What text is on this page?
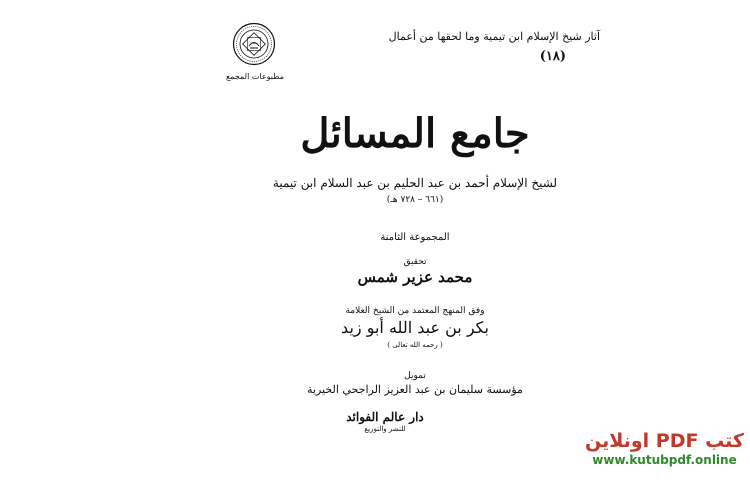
مطبوعات المجمع
آثار شيخ الإسلام ابن تيمية وما لحقها من أعمال
(١٨)
جامع المسائل
لشيخ الإسلام أحمد بن عبد الحليم بن عبد السلام ابن تيمية
(٦٦١ – ٧٢٨ هـ)
المجموعة الثامنة
تحقيق
محمد عزير شمس
وفق المنهج المعتمد من الشيخ العلامة
بكر بن عبد الله أبو زيد
( رحمه الله تعالى )
تمويل
مؤسسة سليمان بن عبد العزيز الراجحي الخيرية
دار عالم الفوائد
للنشر والتوزيع
كتب PDF اونلاين
www.kutubpdf.online
